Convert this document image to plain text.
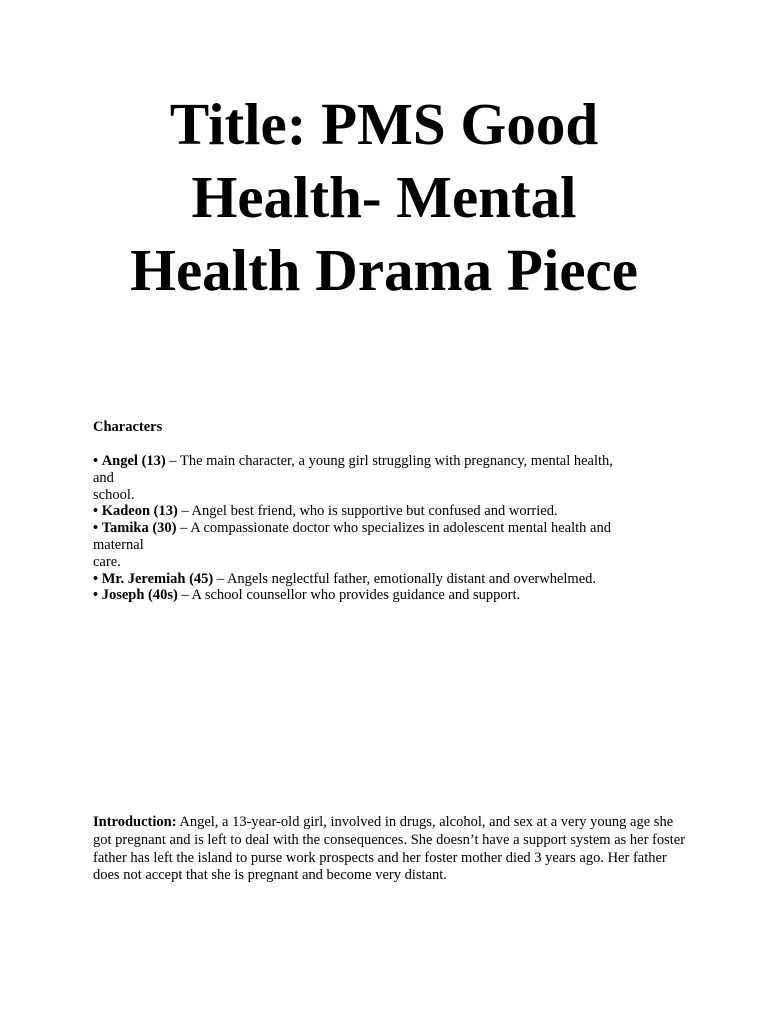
Title: PMS Good
Health- Mental
Health Drama Piece
Characters
• Angel (13) – The main character, a young girl struggling with pregnancy, mental health,
and
school.
• Kadeon (13) – Angel best friend, who is supportive but confused and worried.
• Tamika (30) – A compassionate doctor who specializes in adolescent mental health and
maternal
care.
• Mr. Jeremiah (45) – Angels neglectful father, emotionally distant and overwhelmed.
• Joseph (40s) – A school counsellor who provides guidance and support.

Introduction: Angel, a 13-year-old girl, involved in drugs, alcohol, and sex at a very young age she
got pregnant and is left to deal with the consequences. She doesn’t have a support system as her foster
father has left the island to purse work prospects and her foster mother died 3 years ago. Her father
does not accept that she is pregnant and become very distant.
